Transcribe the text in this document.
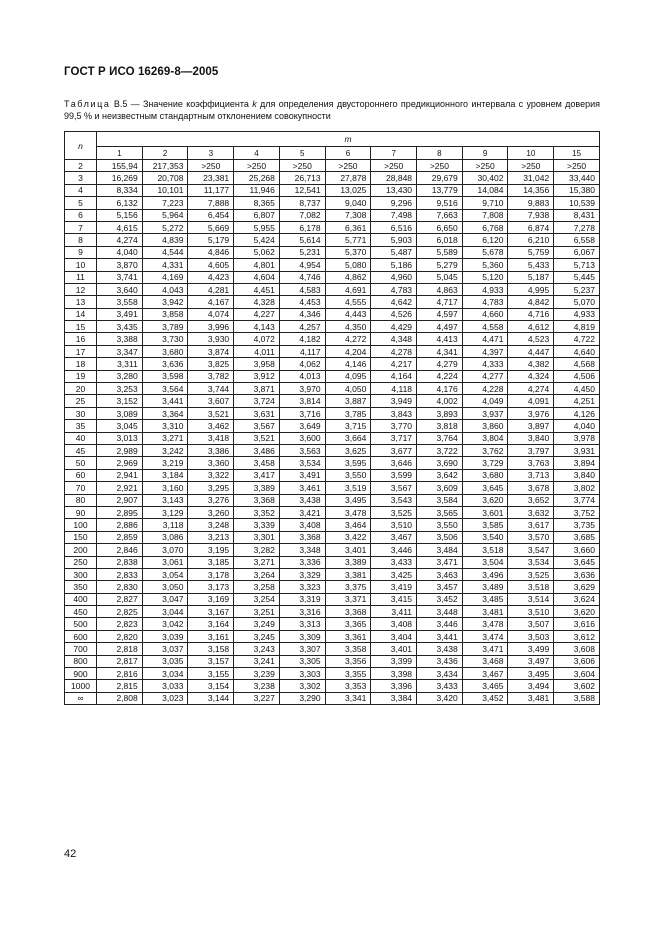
ГОСТ Р ИСО 16269-8—2005
Таблица В.5 — Значение коэффициента k для определения двустороннего предикционного интервала с уровнем доверия 99,5 % и неизвестным стандартным отклонением совокупности
n	m										
	1	2	3	4	5	6	7	8	9	10	15
2	155,94	217,353	>250	>250	>250	>250	>250	>250	>250	>250	>250
3	16,269	20,708	23,381	25,268	26,713	27,878	28,848	29,679	30,402	31,042	33,440
4	8,334	10,101	11,177	11,946	12,541	13,025	13,430	13,779	14,084	14,356	15,380
5	6,132	7,223	7,888	8,365	8,737	9,040	9,296	9,516	9,710	9,883	10,539
6	5,156	5,964	6,454	6,807	7,082	7,308	7,498	7,663	7,808	7,938	8,431
7	4,615	5,272	5,669	5,955	6,178	6,361	6,516	6,650	6,768	6,874	7,278
8	4,274	4,839	5,179	5,424	5,614	5,771	5,903	6,018	6,120	6,210	6,558
9	4,040	4,544	4,846	5,062	5,231	5,370	5,487	5,589	5,678	5,759	6,067
10	3,870	4,331	4,605	4,801	4,954	5,080	5,186	5,279	5,360	5,433	5,713
11	3,741	4,169	4,423	4,604	4,746	4,862	4,960	5,045	5,120	5,187	5,445
12	3,640	4,043	4,281	4,451	4,583	4,691	4,783	4,863	4,933	4,995	5,237
13	3,558	3,942	4,167	4,328	4,453	4,555	4,642	4,717	4,783	4,842	5,070
14	3,491	3,858	4,074	4,227	4,346	4,443	4,526	4,597	4,660	4,716	4,933
15	3,435	3,789	3,996	4,143	4,257	4,350	4,429	4,497	4,558	4,612	4,819
16	3,388	3,730	3,930	4,072	4,182	4,272	4,348	4,413	4,471	4,523	4,722
17	3,347	3,680	3,874	4,011	4,117	4,204	4,278	4,341	4,397	4,447	4,640
18	3,311	3,636	3,825	3,958	4,062	4,146	4,217	4,279	4,333	4,382	4,568
19	3,280	3,598	3,782	3,912	4,013	4,095	4,164	4,224	4,277	4,324	4,506
20	3,253	3,564	3,744	3,871	3,970	4,050	4,118	4,176	4,228	4,274	4,450
25	3,152	3,441	3,607	3,724	3,814	3,887	3,949	4,002	4,049	4,091	4,251
30	3,089	3,364	3,521	3,631	3,716	3,785	3,843	3,893	3,937	3,976	4,126
35	3,045	3,310	3,462	3,567	3,649	3,715	3,770	3,818	3,860	3,897	4,040
40	3,013	3,271	3,418	3,521	3,600	3,664	3,717	3,764	3,804	3,840	3,978
45	2,989	3,242	3,386	3,486	3,563	3,625	3,677	3,722	3,762	3,797	3,931
50	2,969	3,219	3,360	3,458	3,534	3,595	3,646	3,690	3,729	3,763	3,894
60	2,941	3,184	3,322	3,417	3,491	3,550	3,599	3,642	3,680	3,713	3,840
70	2,921	3,160	3,295	3,389	3,461	3,519	3,567	3,609	3,645	3,678	3,802
80	2,907	3,143	3,276	3,368	3,438	3,495	3,543	3,584	3,620	3,652	3,774
90	2,895	3,129	3,260	3,352	3,421	3,478	3,525	3,565	3,601	3,632	3,752
100	2,886	3,118	3,248	3,339	3,408	3,464	3,510	3,550	3,585	3,617	3,735
150	2,859	3,086	3,213	3,301	3,368	3,422	3,467	3,506	3,540	3,570	3,685
200	2,846	3,070	3,195	3,282	3,348	3,401	3,446	3,484	3,518	3,547	3,660
250	2,838	3,061	3,185	3,271	3,336	3,389	3,433	3,471	3,504	3,534	3,645
300	2,833	3,054	3,178	3,264	3,329	3,381	3,425	3,463	3,496	3,525	3,636
350	2,830	3,050	3,173	3,258	3,323	3,375	3,419	3,457	3,489	3,518	3,629
400	2,827	3,047	3,169	3,254	3,319	3,371	3,415	3,452	3,485	3,514	3,624
450	2,825	3,044	3,167	3,251	3,316	3,368	3,411	3,448	3,481	3,510	3,620
500	2,823	3,042	3,164	3,249	3,313	3,365	3,408	3,446	3,478	3,507	3,616
600	2,820	3,039	3,161	3,245	3,309	3,361	3,404	3,441	3,474	3,503	3,612
700	2,818	3,037	3,158	3,243	3,307	3,358	3,401	3,438	3,471	3,499	3,608
800	2,817	3,035	3,157	3,241	3,305	3,356	3,399	3,436	3,468	3,497	3,606
900	2,816	3,034	3,155	3,239	3,303	3,355	3,398	3,434	3,467	3,495	3,604
1000	2,815	3,033	3,154	3,238	3,302	3,353	3,396	3,433	3,465	3,494	3,602
∞	2,808	3,023	3,144	3,227	3,290	3,341	3,384	3,420	3,452	3,481	3,588
42
